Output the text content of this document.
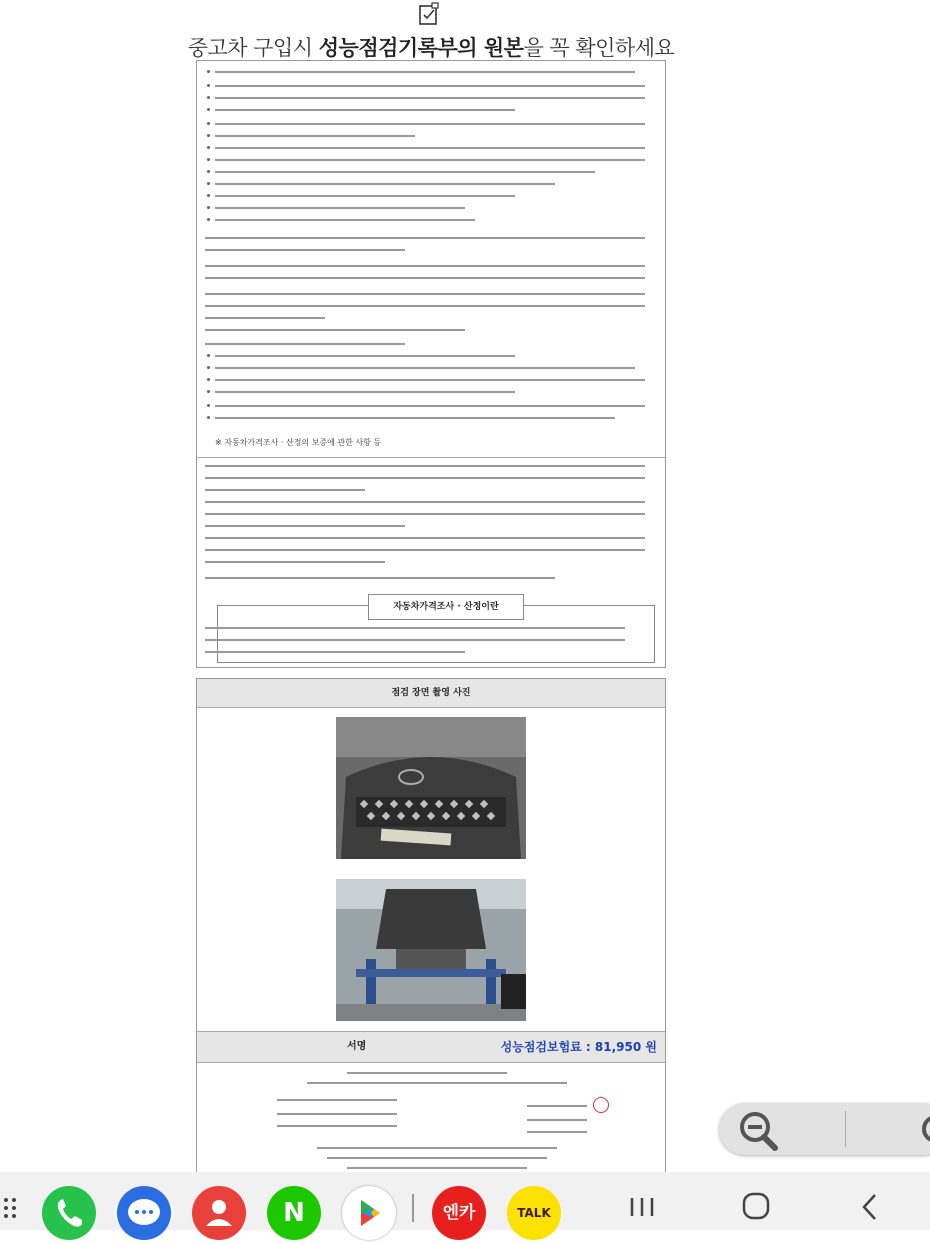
중고차 구입시 성능점검기록부의 원본을 꼭 확인하세요
※ 자동차가격조사 · 산정의 보증에 관한 사항 등
자동차가격조사 · 산정이란
점검 장면 촬영 사진
서명	성능점검보험료 : 81,950 원
N	엔카	TALK
